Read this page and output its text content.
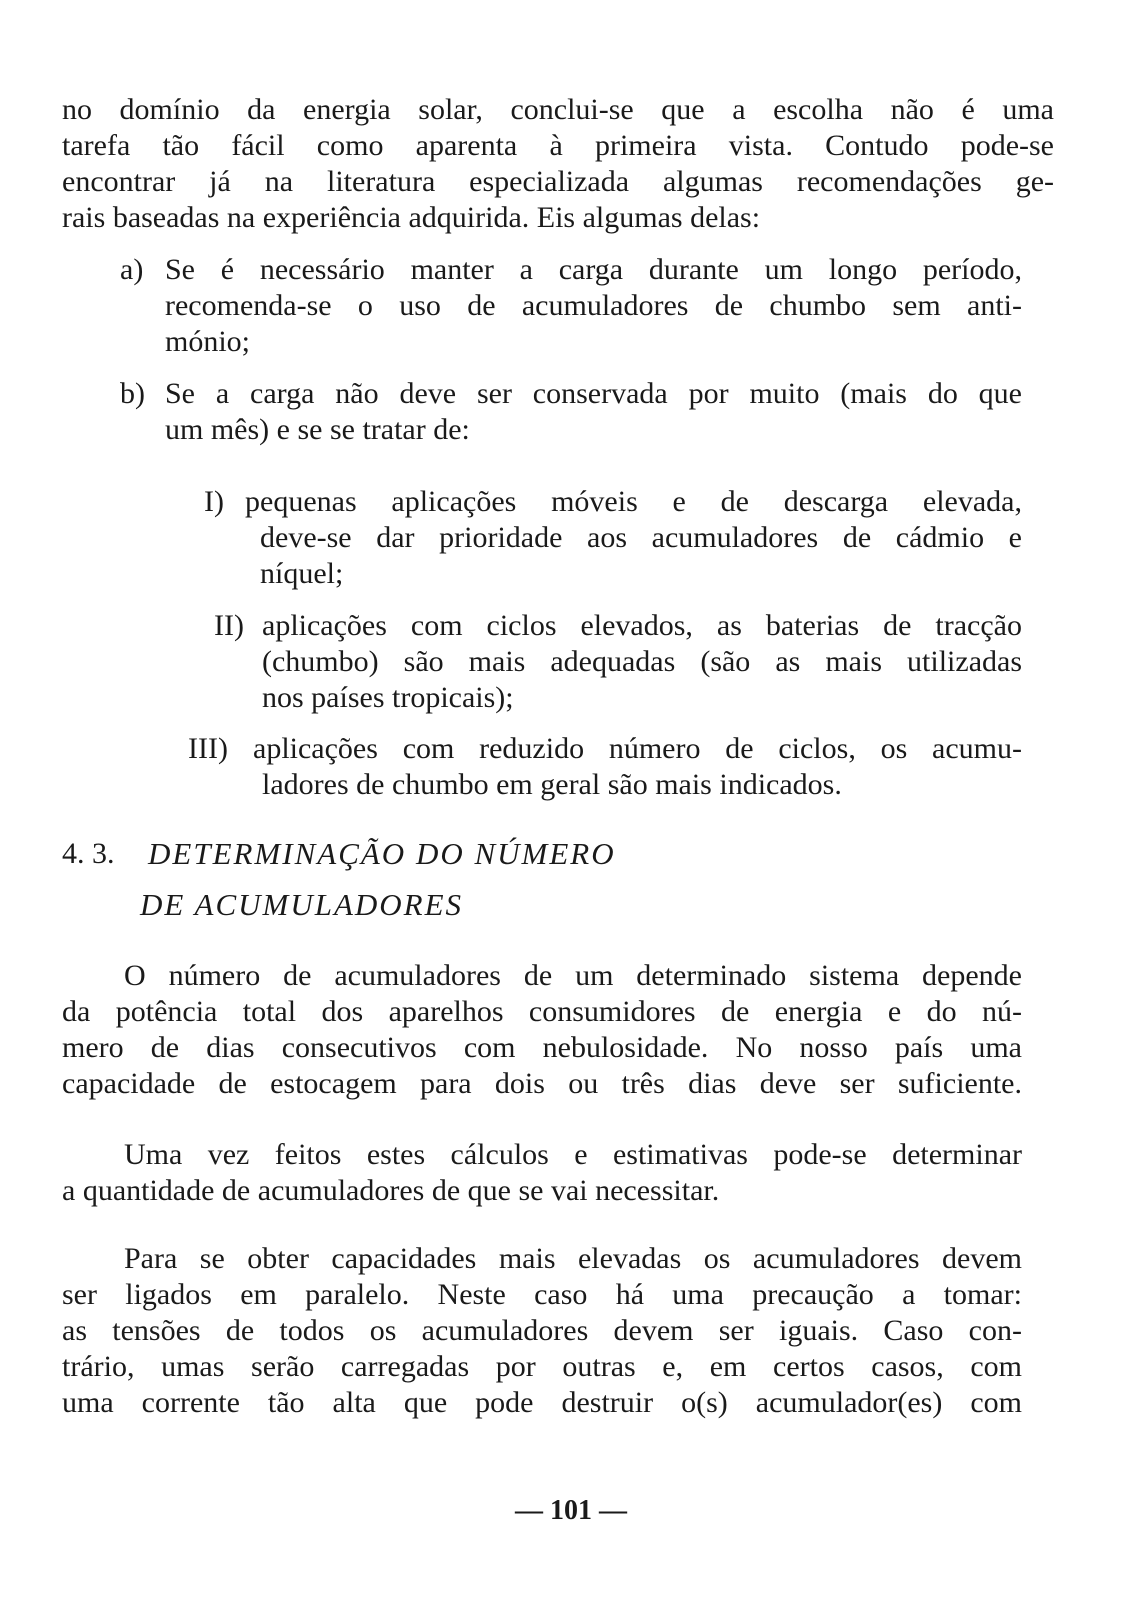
no domínio da energia solar, conclui-se que a escolha não é uma
tarefa tão fácil como aparenta à primeira vista. Contudo pode-se
encontrar já na literatura especializada algumas recomendações ge-
rais baseadas na experiência adquirida. Eis algumas delas:
a) Se é necessário manter a carga durante um longo período,
recomenda-se o uso de acumuladores de chumbo sem anti-
mónio;
b) Se a carga não deve ser conservada por muito (mais do que
um mês) e se se tratar de:
I) pequenas aplicações móveis e de descarga elevada,
deve-se dar prioridade aos acumuladores de cádmio e
níquel;
II) aplicações com ciclos elevados, as baterias de tracção
(chumbo) são mais adequadas (são as mais utilizadas
nos países tropicais);
III) aplicações com reduzido número de ciclos, os acumu-
ladores de chumbo em geral são mais indicados.
4. 3. DETERMINAÇÃO DO NÚMERO
DE ACUMULADORES
O número de acumuladores de um determinado sistema depende
da potência total dos aparelhos consumidores de energia e do nú-
mero de dias consecutivos com nebulosidade. No nosso país uma
capacidade de estocagem para dois ou três dias deve ser suficiente.
Uma vez feitos estes cálculos e estimativas pode-se determinar
a quantidade de acumuladores de que se vai necessitar.
Para se obter capacidades mais elevadas os acumuladores devem
ser ligados em paralelo. Neste caso há uma precaução a tomar:
as tensões de todos os acumuladores devem ser iguais. Caso con-
trário, umas serão carregadas por outras e, em certos casos, com
uma corrente tão alta que pode destruir o(s) acumulador(es) com
— 101 —
